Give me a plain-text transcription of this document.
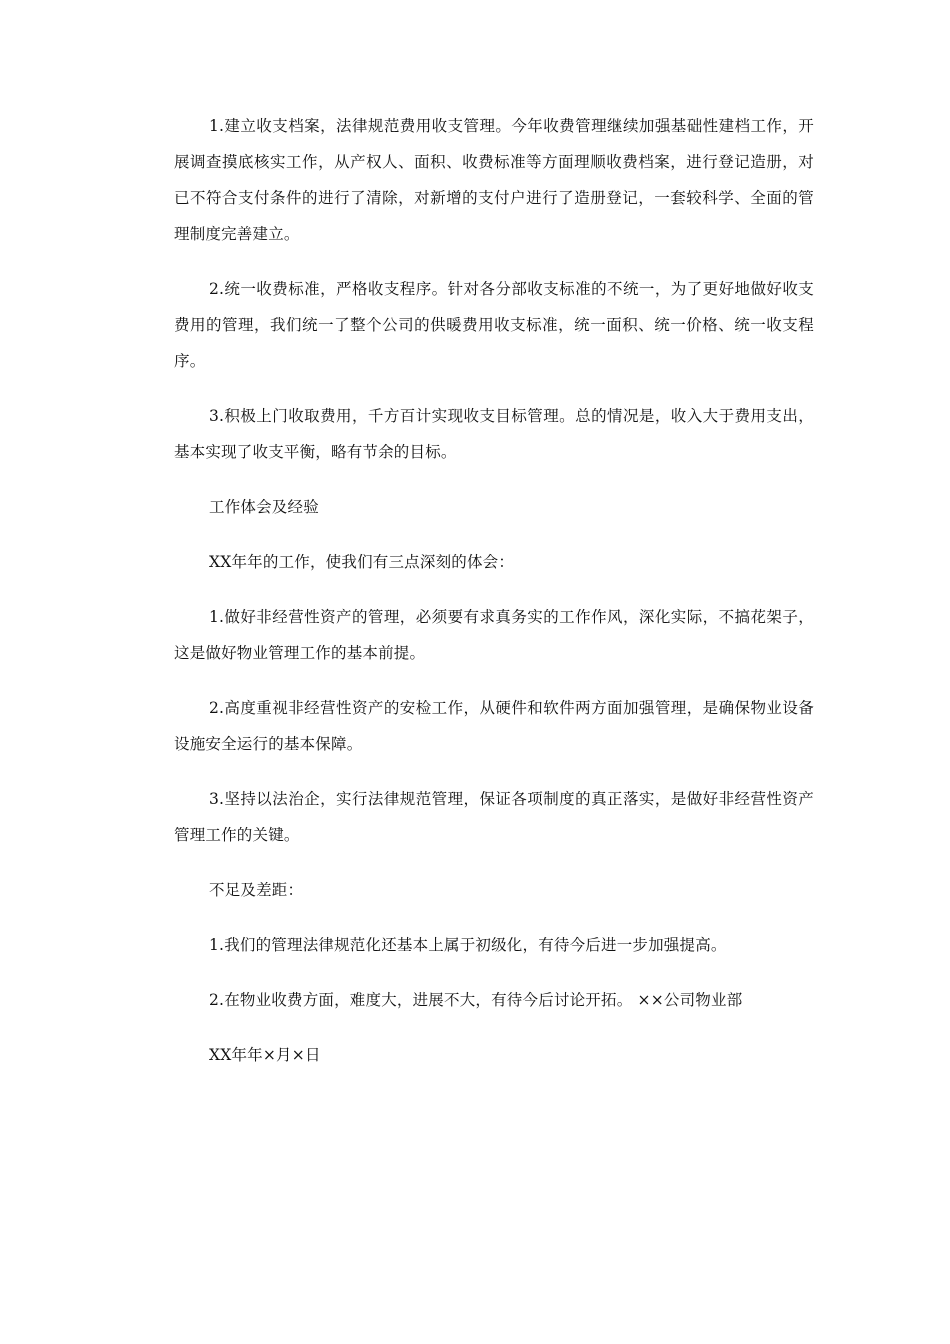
1.建立收支档案，法律规范费用收支管理。今年收费管理继续加强基础性建档工作，开展调查摸底核实工作，从产权人、面积、收费标准等方面理顺收费档案，进行登记造册，对已不符合支付条件的进行了清除，对新增的支付户进行了造册登记，一套较科学、全面的管理制度完善建立。

2.统一收费标准，严格收支程序。针对各分部收支标准的不统一，为了更好地做好收支费用的管理，我们统一了整个公司的供暖费用收支标准，统一面积、统一价格、统一收支程序。

3.积极上门收取费用，千方百计实现收支目标管理。总的情况是，收入大于费用支出，基本实现了收支平衡，略有节余的目标。

工作体会及经验

XX年年的工作，使我们有三点深刻的体会：

1.做好非经营性资产的管理，必须要有求真务实的工作作风，深化实际，不搞花架子，这是做好物业管理工作的基本前提。

2.高度重视非经营性资产的安检工作，从硬件和软件两方面加强管理，是确保物业设备设施安全运行的基本保障。

3.坚持以法治企，实行法律规范管理，保证各项制度的真正落实，是做好非经营性资产管理工作的关键。

不足及差距：

1.我们的管理法律规范化还基本上属于初级化，有待今后进一步加强提高。

2.在物业收费方面，难度大，进展不大，有待今后讨论开拓。 ××公司物业部

XX年年×月×日
